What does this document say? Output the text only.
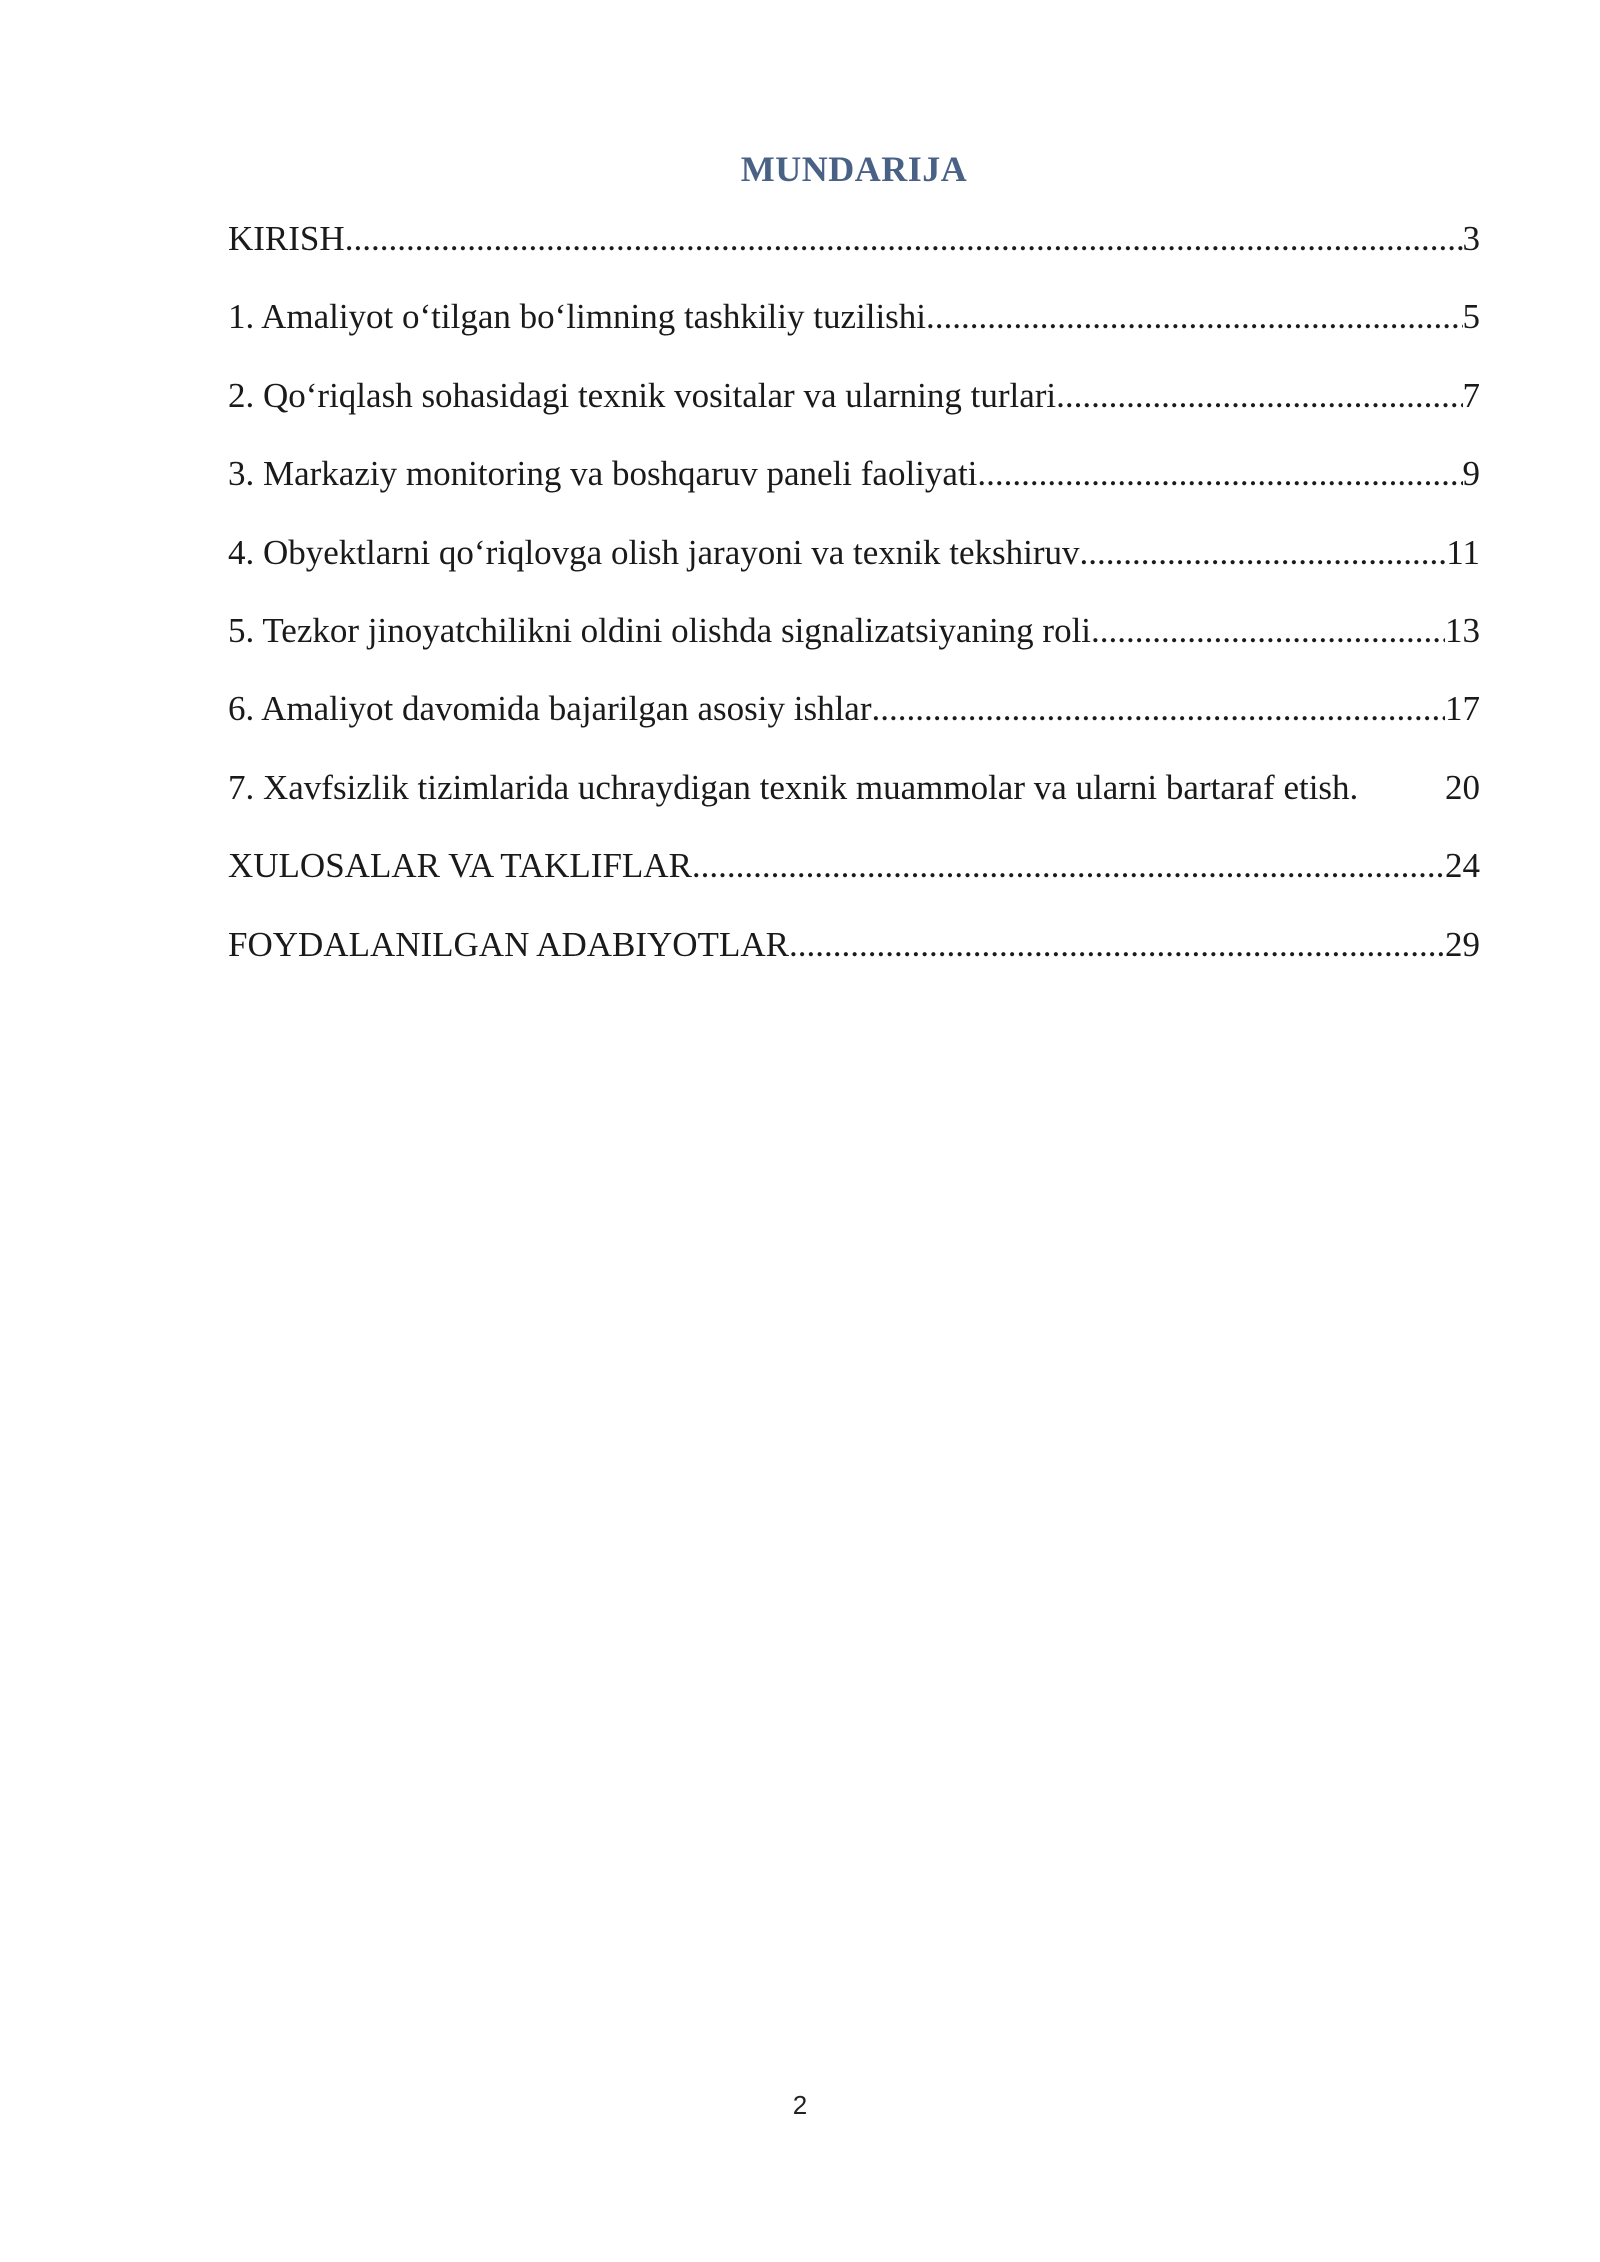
MUNDARIJA
KIRISH .....	3
1. Amaliyot o‘tilgan bo‘limning tashkiliy tuzilishi .....	5
2. Qo‘riqlash sohasidagi texnik vositalar va ularning turlari .....	7
3. Markaziy monitoring va boshqaruv paneli faoliyati .....	9
4. Obyektlarni qo‘riqlovga olish jarayoni va texnik tekshiruv .....	11
5. Tezkor jinoyatchilikni oldini olishda signalizatsiyaning roli .....	13
6. Amaliyot davomida bajarilgan asosiy ishlar .....	17
7. Xavfsizlik tizimlarida uchraydigan texnik muammolar va ularni bartaraf etish. 20
XULOSALAR VA TAKLIFLAR .....	24
FOYDALANILGAN ADABIYOTLAR .....	29
2
